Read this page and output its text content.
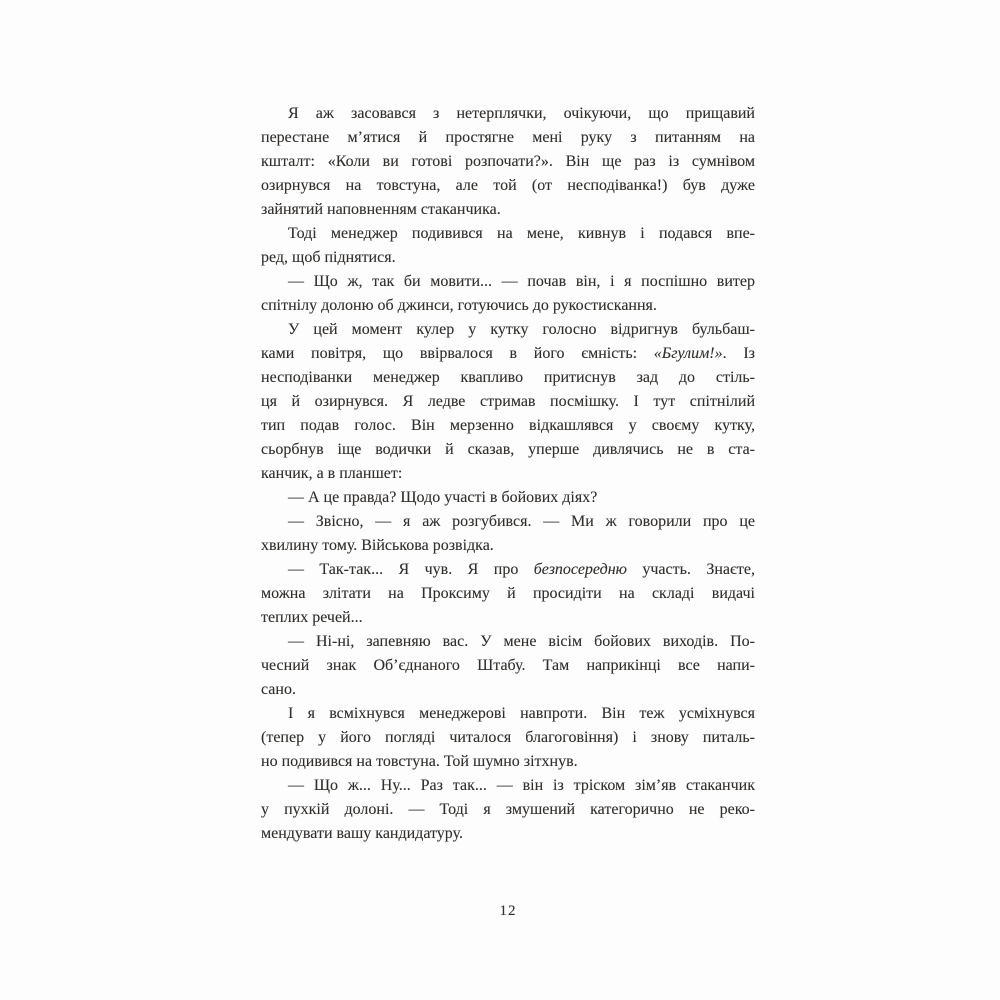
Я аж засовався з нетерплячки, очікуючи, що прищавий
перестане м’ятися й простягне мені руку з питанням на
кшталт: «Коли ви готові розпочати?». Він ще раз із сумнівом
озирнувся на товстуна, але той (от несподіванка!) був дуже
зайнятий наповненням стаканчика.
Тоді менеджер подивився на мене, кивнув і подався впе-
ред, щоб піднятися.
— Що ж, так би мовити... — почав він, і я поспішно витер
спітнілу долоню об джинси, готуючись до рукостискання.
У цей момент кулер у кутку голосно відригнув бульбаш-
ками повітря, що ввірвалося в його ємність: «Бгулим!». Із
несподіванки менеджер квапливо притиснув зад до стіль-
ця й озирнувся. Я ледве стримав посмішку. І тут спітнілий
тип подав голос. Він мерзенно відкашлявся у своєму кутку,
сьорбнув іще водички й сказав, уперше дивлячись не в ста-
канчик, а в планшет:
— А це правда? Щодо участі в бойових діях?
— Звісно, — я аж розгубився. — Ми ж говорили про це
хвилину тому. Військова розвідка.
— Так-так... Я чув. Я про безпосередню участь. Знаєте,
можна злітати на Проксиму й просидіти на складі видачі
теплих речей...
— Ні-ні, запевняю вас. У мене вісім бойових виходів. По-
чесний знак Об’єднаного Штабу. Там наприкінці все напи-
сано.
І я всміхнувся менеджерові навпроти. Він теж усміхнувся
(тепер у його погляді читалося благоговіння) і знову питаль-
но подивився на товстуна. Той шумно зітхнув.
— Що ж... Ну... Раз так... — він із тріском зім’яв стаканчик
у пухкій долоні. — Тоді я змушений категорично не реко-
мендувати вашу кандидатуру.
12
